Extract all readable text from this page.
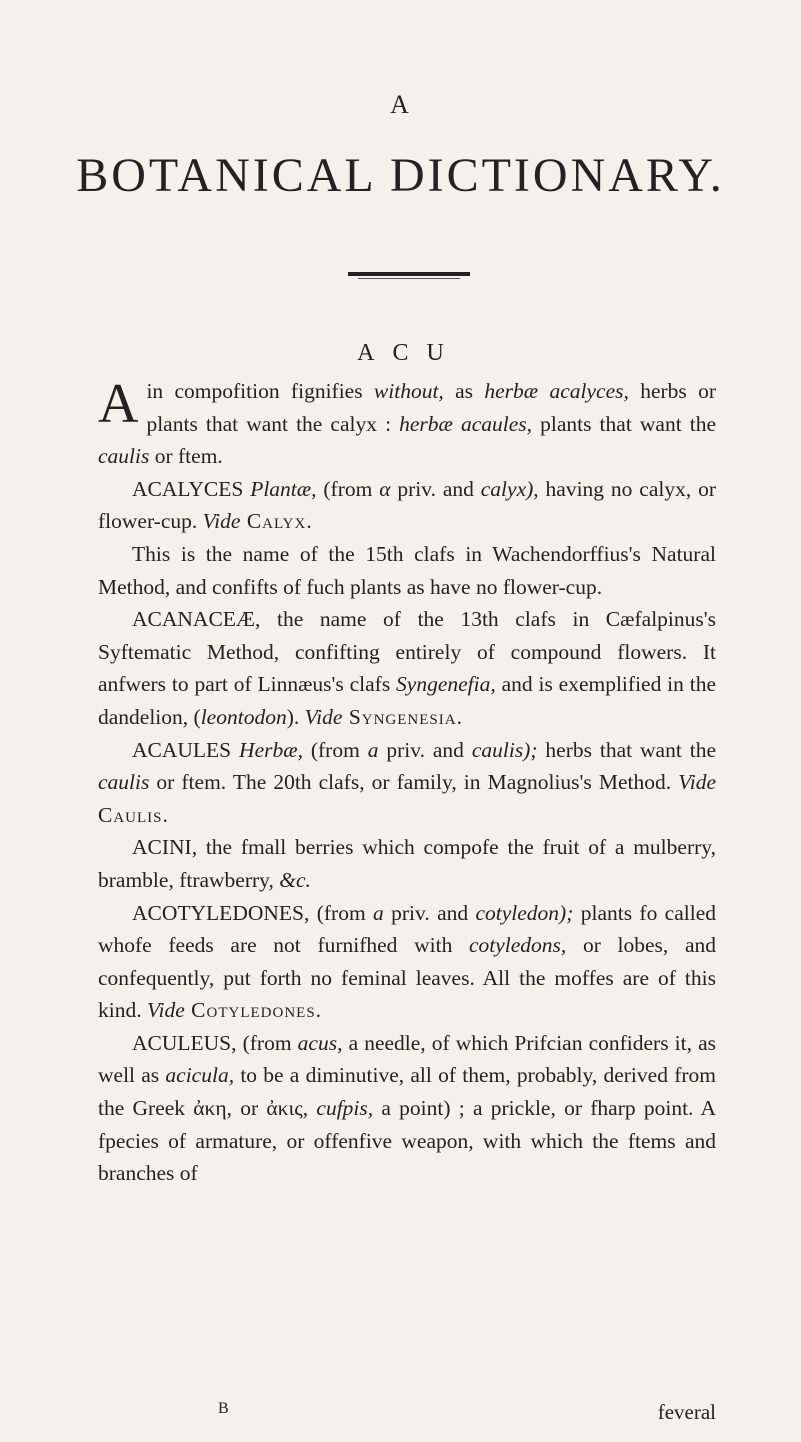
A
BOTANICAL DICTIONARY.
ACU

A in compofition fignifies without, as herbæ acalyces, herbs or plants that want the calyx : herbæ acaules, plants that want the caulis or ftem.

ACALYCES Plantæ, (from α priv. and calyx), having no calyx, or flower-cup. Vide Calyx.

This is the name of the 15th clafs in Wachendorffius's Natural Method, and confifts of fuch plants as have no flower-cup.

ACANACEÆ, the name of the 13th clafs in Cæfalpinus's Syftematic Method, confifting entirely of compound flowers. It anfwers to part of Linnæus's clafs Syngenefia, and is exemplified in the dandelion, (leontodon). Vide Syngenesia.

ACAULES Herbæ, (from a priv. and caulis); herbs that want the caulis or ftem. The 20th clafs, or family, in Magnolius's Method. Vide Caulis.

ACINI, the fmall berries which compofe the fruit of a mulberry, bramble, ftrawberry, &c.

ACOTYLEDONES, (from a priv. and cotyledon); plants fo called whofe feeds are not furnifhed with cotyledons, or lobes, and confequently, put forth no feminal leaves. All the moffes are of this kind. Vide Cotyledones.

ACULEUS, (from acus, a needle, of which Prifcian confiders it, as well as acicula, to be a diminutive, all of them, probably, derived from the Greek ἀκη, or ἀκις, cufpis, a point) ; a prickle, or fharp point. A fpecies of armature, or offenfive weapon, with which the ftems and branches of

B	feveral
